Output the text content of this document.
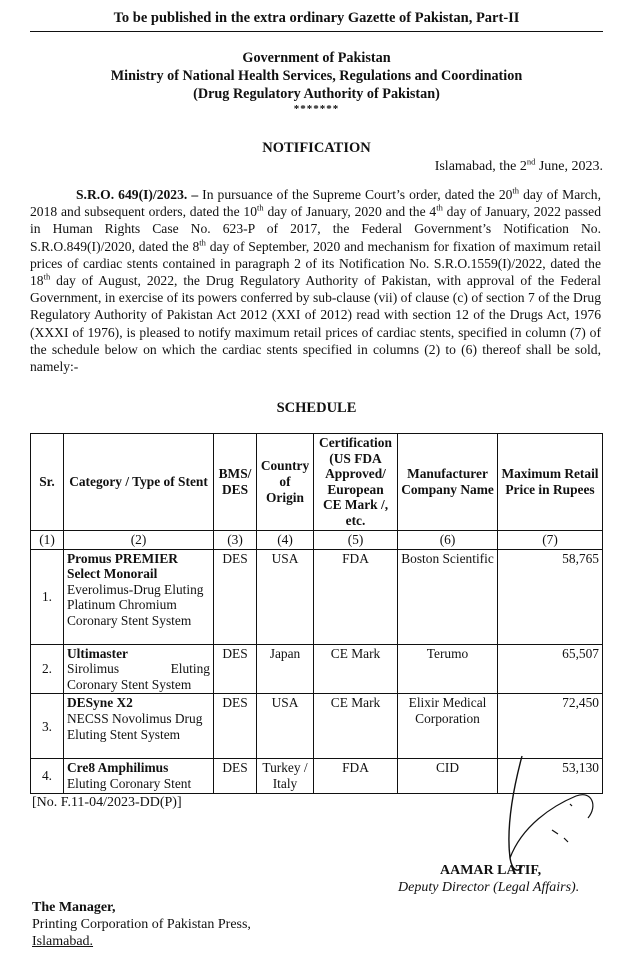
To be published in the extra ordinary Gazette of Pakistan, Part-II
Government of Pakistan
Ministry of National Health Services, Regulations and Coordination
(Drug Regulatory Authority of Pakistan)
*******
NOTIFICATION
Islamabad, the 2nd June, 2023.
S.R.O. 649(I)/2023. – In pursuance of the Supreme Court’s order, dated the 20th day of March, 2018 and subsequent orders, dated the 10th day of January, 2020 and the 4th day of January, 2022 passed in Human Rights Case No. 623-P of 2017, the Federal Government’s Notification No. S.R.O.849(I)/2020, dated the 8th day of September, 2020 and mechanism for fixation of maximum retail prices of cardiac stents contained in paragraph 2 of its Notification No. S.R.O.1559(I)/2022, dated the 18th day of August, 2022, the Drug Regulatory Authority of Pakistan, with approval of the Federal Government, in exercise of its powers conferred by sub-clause (vii) of clause (c) of section 7 of the Drug Regulatory Authority of Pakistan Act 2012 (XXI of 2012) read with section 12 of the Drugs Act, 1976 (XXXI of 1976), is pleased to notify maximum retail prices of cardiac stents, specified in column (7) of the schedule below on which the cardiac stents specified in columns (2) to (6) thereof shall be sold, namely:-
SCHEDULE
Sr.	Category / Type of Stent	BMS/ DES	Country of Origin	Certification (US FDA Approved/ European CE Mark /, etc.	Manufacturer Company Name	Maximum Retail Price in Rupees
(1)	(2)	(3)	(4)	(5)	(6)	(7)
1.	Promus PREMIER Select Monorail
Everolimus-Drug Eluting Platinum Chromium Coronary Stent System	DES	USA	FDA	Boston Scientific	58,765
2.	Ultimaster
Sirolimus Eluting
Coronary Stent System	DES	Japan	CE Mark	Terumo	65,507
3.	DESyne X2
NECSS Novolimus Drug Eluting Stent System	DES	USA	CE Mark	Elixir Medical Corporation	72,450
4.	Cre8 Amphilimus
Eluting Coronary Stent	DES	Turkey / Italy	FDA	CID	53,130
[No. F.11-04/2023-DD(P)]
AAMAR LATIF,
Deputy Director (Legal Affairs).
The Manager,
Printing Corporation of Pakistan Press,
Islamabad.
